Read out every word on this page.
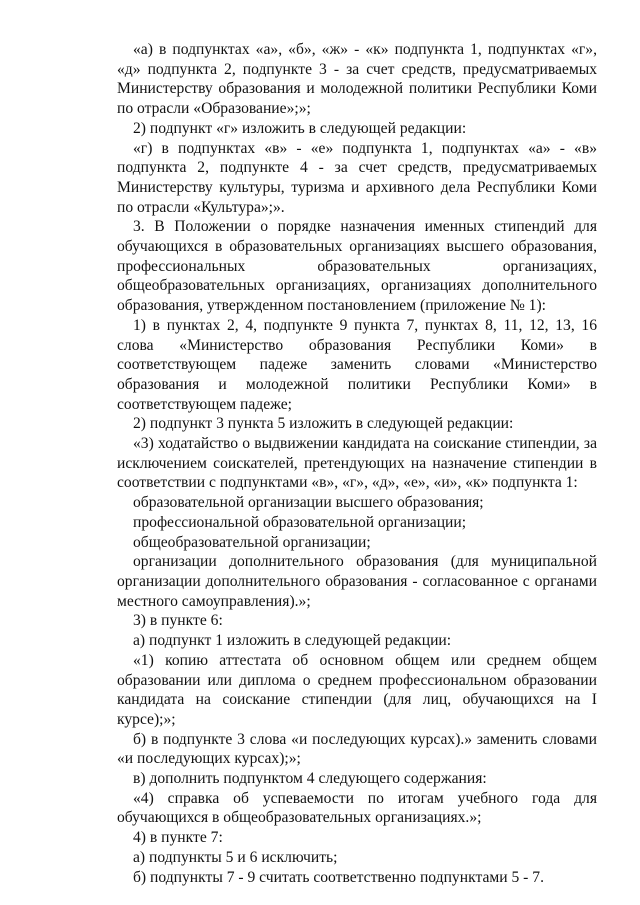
«а) в подпунктах «а», «б», «ж» - «к» подпункта 1, подпунктах «г», «д» подпункта 2, подпункте 3 - за счет средств, предусматриваемых Министерству образования и молодежной политики Республики Коми по отрасли «Образование»;»;

2) подпункт «г» изложить в следующей редакции:

«г) в подпунктах «в» - «е» подпункта 1, подпунктах «а» - «в» подпункта 2, подпункте 4 - за счет средств, предусматриваемых Министерству культуры, туризма и архивного дела Республики Коми по отрасли «Культура»;».

3. В Положении о порядке назначения именных стипендий для обучающихся в образовательных организациях высшего образования, профессиональных образовательных организациях, общеобразовательных организациях, организациях дополнительного образования, утвержденном постановлением (приложение № 1):

1) в пунктах 2, 4, подпункте 9 пункта 7, пунктах 8, 11, 12, 13, 16 слова «Министерство образования Республики Коми» в соответствующем падеже заменить словами «Министерство образования и молодежной политики Республики Коми» в соответствующем падеже;

2) подпункт 3 пункта 5 изложить в следующей редакции:

«3) ходатайство о выдвижении кандидата на соискание стипендии, за исключением соискателей, претендующих на назначение стипендии в соответствии с подпунктами «в», «г», «д», «е», «и», «к» подпункта 1:

образовательной организации высшего образования;

профессиональной образовательной организации;

общеобразовательной организации;

организации дополнительного образования (для муниципальной организации дополнительного образования - согласованное с органами местного самоуправления).»;

3) в пункте 6:

а) подпункт 1 изложить в следующей редакции:

«1) копию аттестата об основном общем или среднем общем образовании или диплома о среднем профессиональном образовании кандидата на соискание стипендии (для лиц, обучающихся на I курсе);»;

б) в подпункте 3 слова «и последующих курсах).» заменить словами «и последующих курсах);»;

в) дополнить подпунктом 4 следующего содержания:

«4) справка об успеваемости по итогам учебного года для обучающихся в общеобразовательных организациях.»;

4) в пункте 7:

а) подпункты 5 и 6 исключить;

б) подпункты 7 - 9 считать соответственно подпунктами 5 - 7.
